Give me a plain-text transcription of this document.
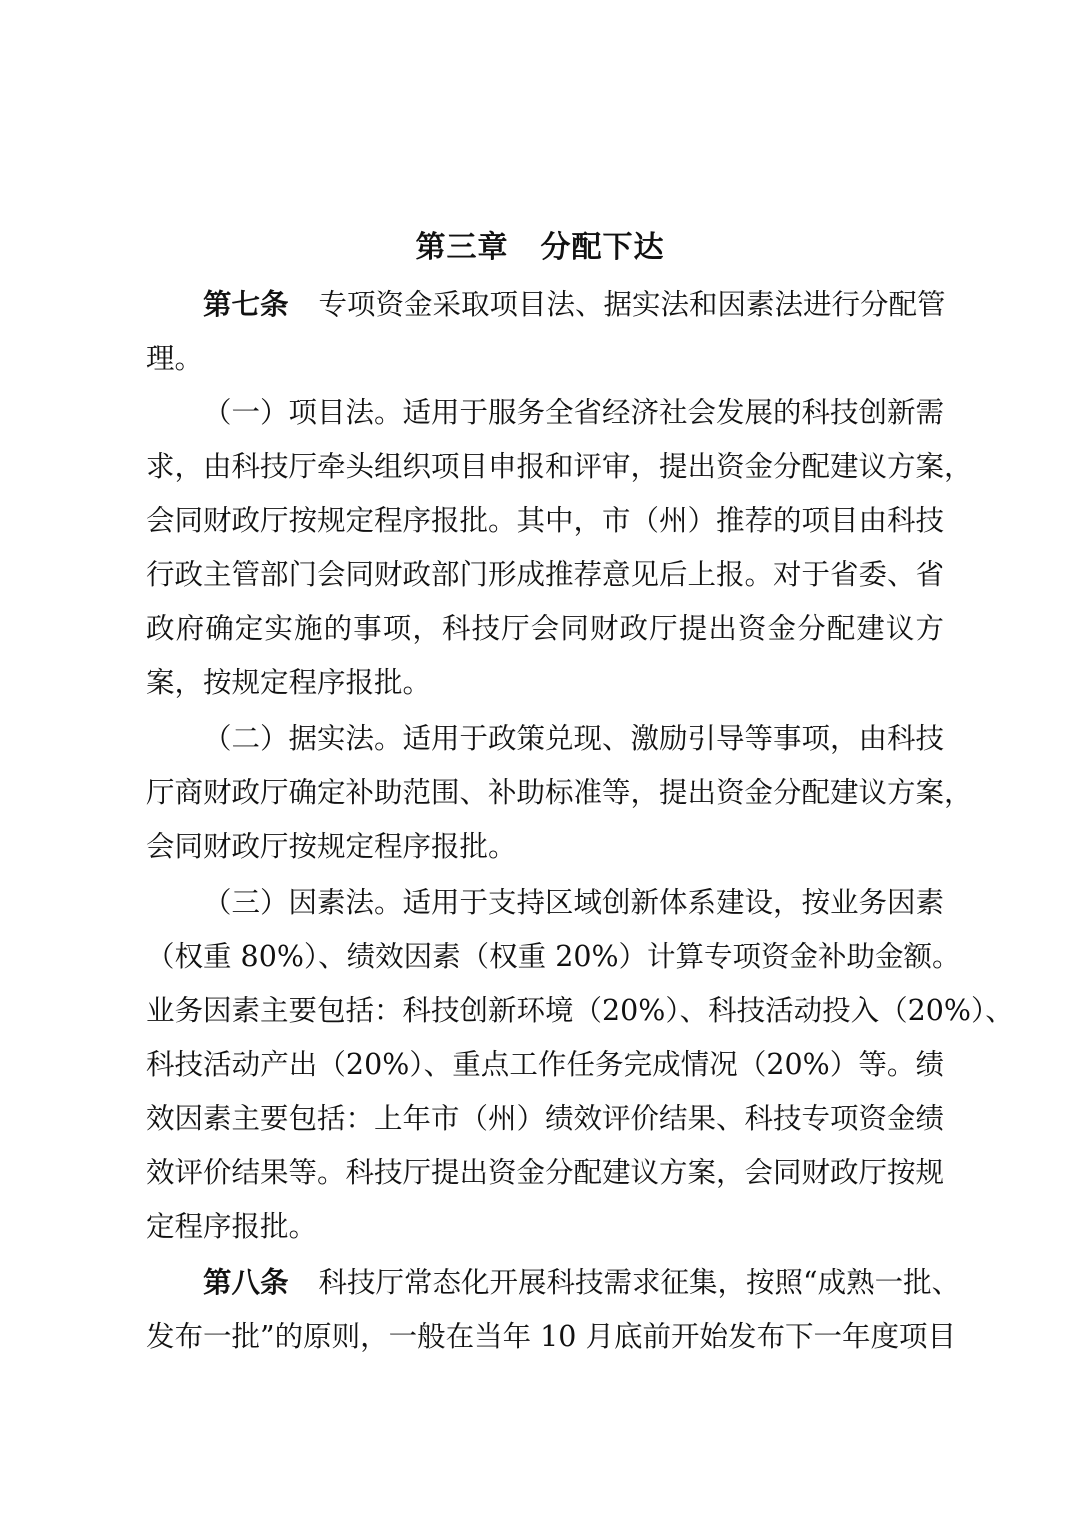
第三章 分配下达
第七条 专项资金采取项目法、据实法和因素法进行分配管
理。
（一）项目法。适用于服务全省经济社会发展的科技创新需
求，由科技厅牵头组织项目申报和评审，提出资金分配建议方案，
会同财政厅按规定程序报批。其中，市（州）推荐的项目由科技
行政主管部门会同财政部门形成推荐意见后上报。对于省委、省
政府确定实施的事项，科技厅会同财政厅提出资金分配建议方
案，按规定程序报批。
（二）据实法。适用于政策兑现、激励引导等事项，由科技
厅商财政厅确定补助范围、补助标准等，提出资金分配建议方案，
会同财政厅按规定程序报批。
（三）因素法。适用于支持区域创新体系建设，按业务因素
（权重 80%）、绩效因素（权重 20%）计算专项资金补助金额。
业务因素主要包括：科技创新环境（20%）、科技活动投入（20%）、
科技活动产出（20%）、重点工作任务完成情况（20%）等。绩
效因素主要包括：上年市（州）绩效评价结果、科技专项资金绩
效评价结果等。科技厅提出资金分配建议方案，会同财政厅按规
定程序报批。
第八条 科技厅常态化开展科技需求征集，按照“成熟一批、
发布一批”的原则，一般在当年 10 月底前开始发布下一年度项目
